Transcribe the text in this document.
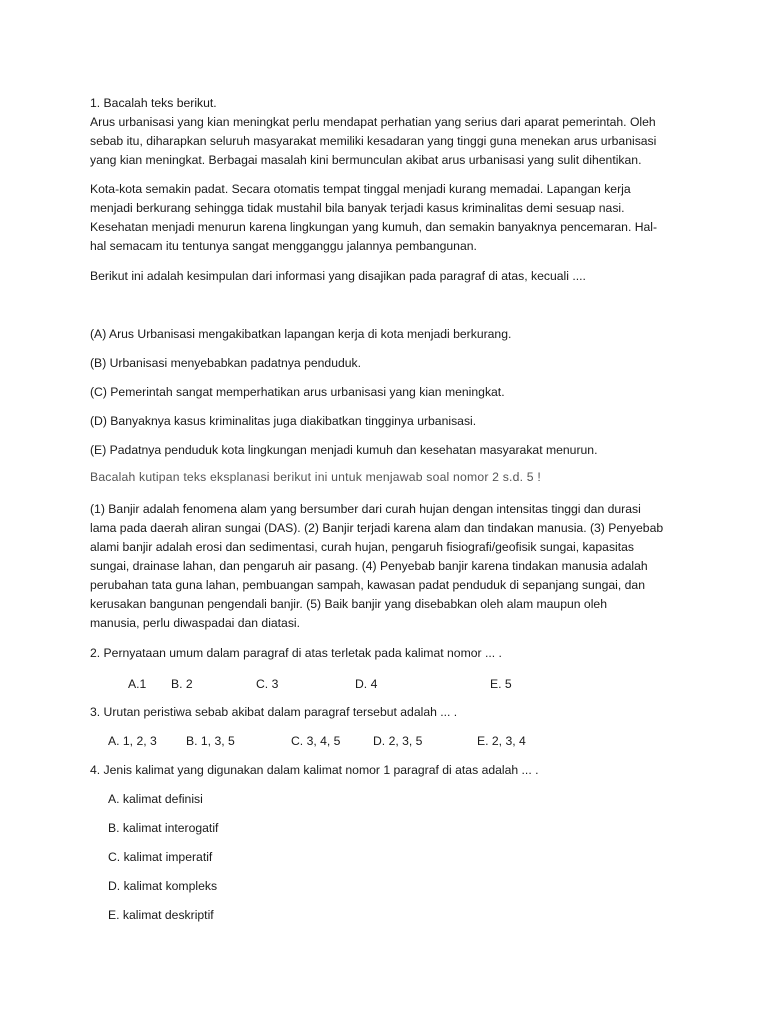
1. Bacalah teks berikut.
Arus urbanisasi yang kian meningkat perlu mendapat perhatian yang serius dari aparat pemerintah. Oleh
sebab itu, diharapkan seluruh masyarakat memiliki kesadaran yang tinggi guna menekan arus urbanisasi
yang kian meningkat. Berbagai masalah kini bermunculan akibat arus urbanisasi yang sulit dihentikan.
Kota-kota semakin padat. Secara otomatis tempat tinggal menjadi kurang memadai. Lapangan kerja
menjadi berkurang sehingga tidak mustahil bila banyak terjadi kasus kriminalitas demi sesuap nasi.
Kesehatan menjadi menurun karena lingkungan yang kumuh, dan semakin banyaknya pencemaran. Hal-
hal semacam itu tentunya sangat mengganggu jalannya pembangunan.
Berikut ini adalah kesimpulan dari informasi yang disajikan pada paragraf di atas, kecuali ....
(A) Arus Urbanisasi mengakibatkan lapangan kerja di kota menjadi berkurang.
(B) Urbanisasi menyebabkan padatnya penduduk.
(C) Pemerintah sangat memperhatikan arus urbanisasi yang kian meningkat.
(D) Banyaknya kasus kriminalitas juga diakibatkan tingginya urbanisasi.
(E) Padatnya penduduk kota lingkungan menjadi kumuh dan kesehatan masyarakat menurun.
Bacalah kutipan teks eksplanasi berikut ini untuk menjawab soal nomor 2 s.d. 5 !
(1) Banjir adalah fenomena alam yang bersumber dari curah hujan dengan intensitas tinggi dan durasi
lama pada daerah aliran sungai (DAS). (2) Banjir terjadi karena alam dan tindakan manusia. (3) Penyebab
alami banjir adalah erosi dan sedimentasi, curah hujan, pengaruh fisiografi/geofisik sungai, kapasitas
sungai, drainase lahan, dan pengaruh air pasang. (4) Penyebab banjir karena tindakan manusia adalah
perubahan tata guna lahan, pembuangan sampah, kawasan padat penduduk di sepanjang sungai, dan
kerusakan bangunan pengendali banjir. (5) Baik banjir yang disebabkan oleh alam maupun oleh
manusia, perlu diwaspadai dan diatasi.
2. Pernyataan umum dalam paragraf di atas terletak pada kalimat nomor ... .
A.1 B. 2	C. 3	D. 4	E. 5
3. Urutan peristiwa sebab akibat dalam paragraf tersebut adalah ... .
A. 1, 2, 3 B. 1, 3, 5	C. 3, 4, 5	D. 2, 3, 5	E. 2, 3, 4
4. Jenis kalimat yang digunakan dalam kalimat nomor 1 paragraf di atas adalah ... .
A. kalimat definisi
B. kalimat interogatif
C. kalimat imperatif
D. kalimat kompleks
E. kalimat deskriptif
